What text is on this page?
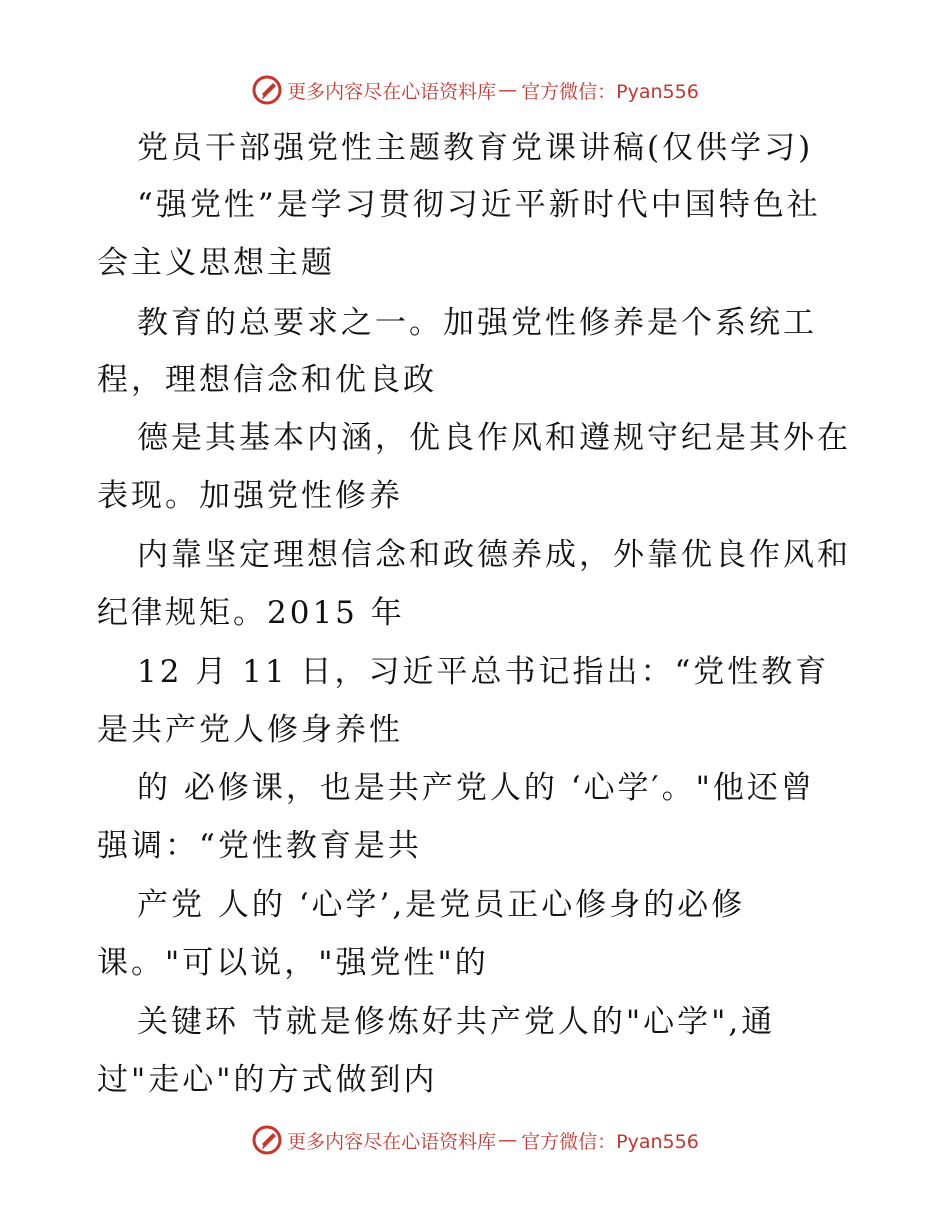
更多内容尽在心语资料库 — 官方微信：Pyan556
党员干部强党性主题教育党课讲稿(仅供学习)
“强党性”是学习贯彻习近平新时代中国特色社
会主义思想主题
教育的总要求之一。加强党性修养是个系统工
程，理想信念和优良政
德是其基本内涵，优良作风和遵规守纪是其外在
表现。加强党性修养
内靠坚定理想信念和政德养成，外靠优良作风和
纪律规矩。2015 年
12 月 11 日，习近平总书记指出：“党性教育
是共产党人修身养性
的 必修课，也是共产党人的 ‘心学′。"他还曾
强调：“党性教育是共
产党 人的 ‘心学’,是党员正心修身的必修
课。"可以说，"强党性"的
关键环 节就是修炼好共产党人的"心学",通
过"走心"的方式做到内
更多内容尽在心语资料库 — 官方微信：Pyan556
